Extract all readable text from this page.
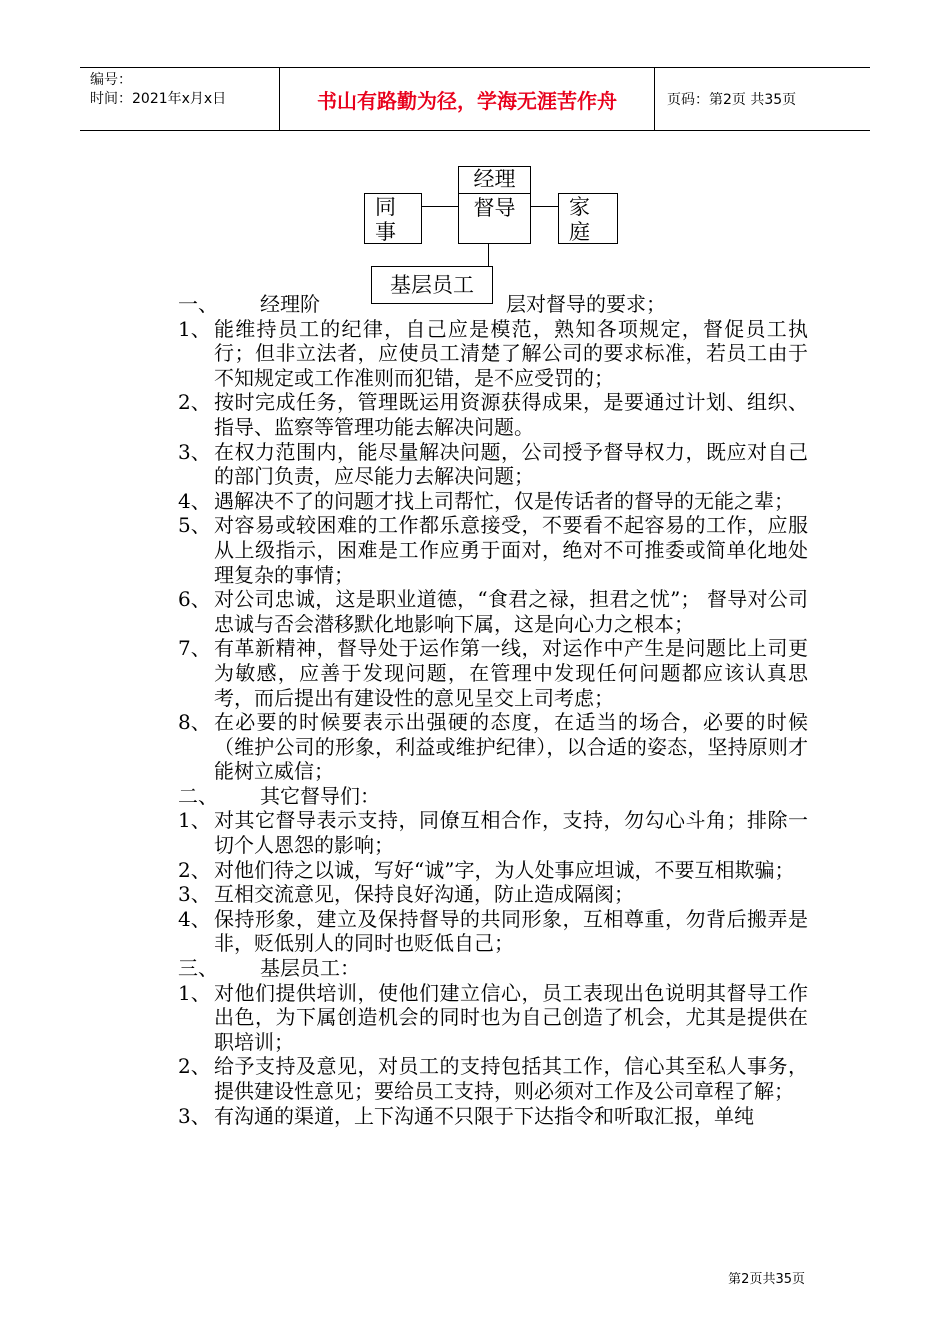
编号：
时间：2021年x月x日	书山有路勤为径，学海无涯苦作舟	页码：第2页 共35页
经理
督导
同
事
家
庭
基层员工
一、 经理阶	层对督导的要求；
1、 能维持员工的纪律，自己应是模范，熟知各项规定，督促员工执行；但非立法者，应使员工清楚了解公司的要求标准，若员工由于不知规定或工作准则而犯错，是不应受罚的；
2、 按时完成任务，管理既运用资源获得成果，是要通过计划、组织、指导、监察等管理功能去解决问题。
3、 在权力范围内，能尽量解决问题，公司授予督导权力，既应对自己的部门负责，应尽能力去解决问题；
4、 遇解决不了的问题才找上司帮忙，仅是传话者的督导的无能之辈；
5、 对容易或较困难的工作都乐意接受，不要看不起容易的工作，应服从上级指示，困难是工作应勇于面对，绝对不可推委或简单化地处理复杂的事情；
6、 对公司忠诚，这是职业道德，“食君之禄，担君之忧”； 督导对公司忠诚与否会潜移默化地影响下属，这是向心力之根本；
7、 有革新精神，督导处于运作第一线，对运作中产生是问题比上司更为敏感，应善于发现问题，在管理中发现任何问题都应该认真思考，而后提出有建设性的意见呈交上司考虑；
8、 在必要的时候要表示出强硬的态度，在适当的场合，必要的时候（维护公司的形象，利益或维护纪律），以合适的姿态，坚持原则才能树立威信；
二、 其它督导们：
1、 对其它督导表示支持，同僚互相合作，支持，勿勾心斗角；排除一切个人恩怨的影响；
2、 对他们待之以诚，写好“诚”字，为人处事应坦诚，不要互相欺骗；
3、 互相交流意见，保持良好沟通，防止造成隔阂；
4、 保持形象，建立及保持督导的共同形象，互相尊重，勿背后搬弄是非，贬低别人的同时也贬低自己；
三、 基层员工：
1、 对他们提供培训，使他们建立信心，员工表现出色说明其督导工作出色，为下属创造机会的同时也为自己创造了机会，尤其是提供在职培训；
2、 给予支持及意见，对员工的支持包括其工作，信心其至私人事务，提供建设性意见；要给员工支持，则必须对工作及公司章程了解；
3、 有沟通的渠道，上下沟通不只限于下达指令和听取汇报，单纯
第2页共35页
